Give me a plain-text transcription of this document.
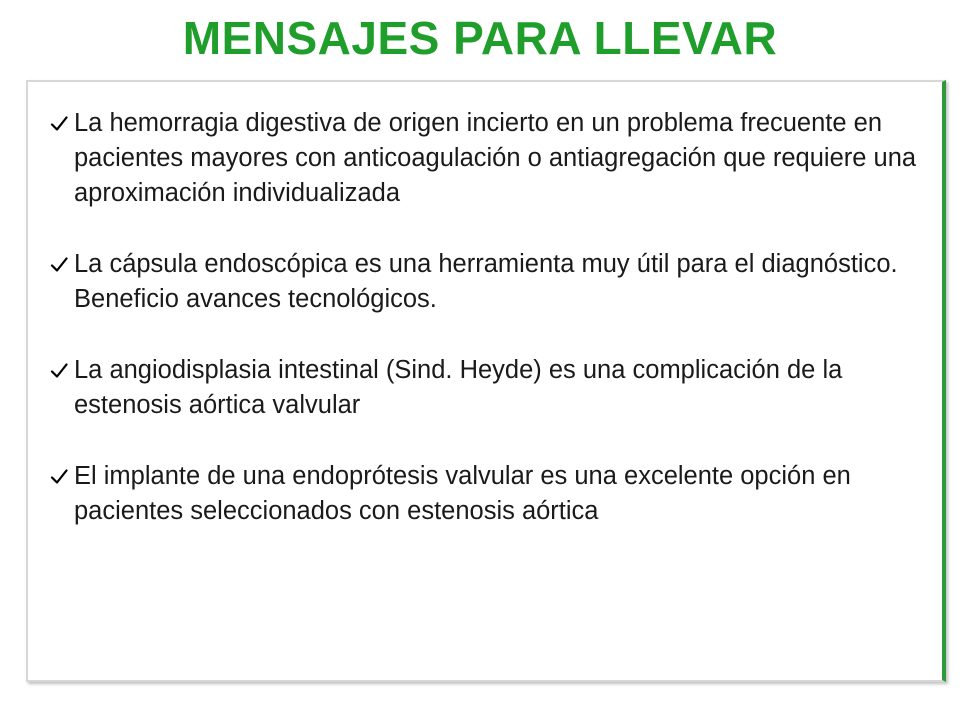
MENSAJES PARA LLEVAR
La hemorragia digestiva de origen incierto en un problema frecuente en pacientes mayores con anticoagulación o antiagregación que requiere una aproximación individualizada
La cápsula endoscópica es una herramienta muy útil para el diagnóstico. Beneficio avances tecnológicos.
La angiodisplasia intestinal (Sind. Heyde) es una complicación de la estenosis aórtica valvular
El implante de una endoprótesis valvular es una excelente opción en pacientes seleccionados con estenosis aórtica
